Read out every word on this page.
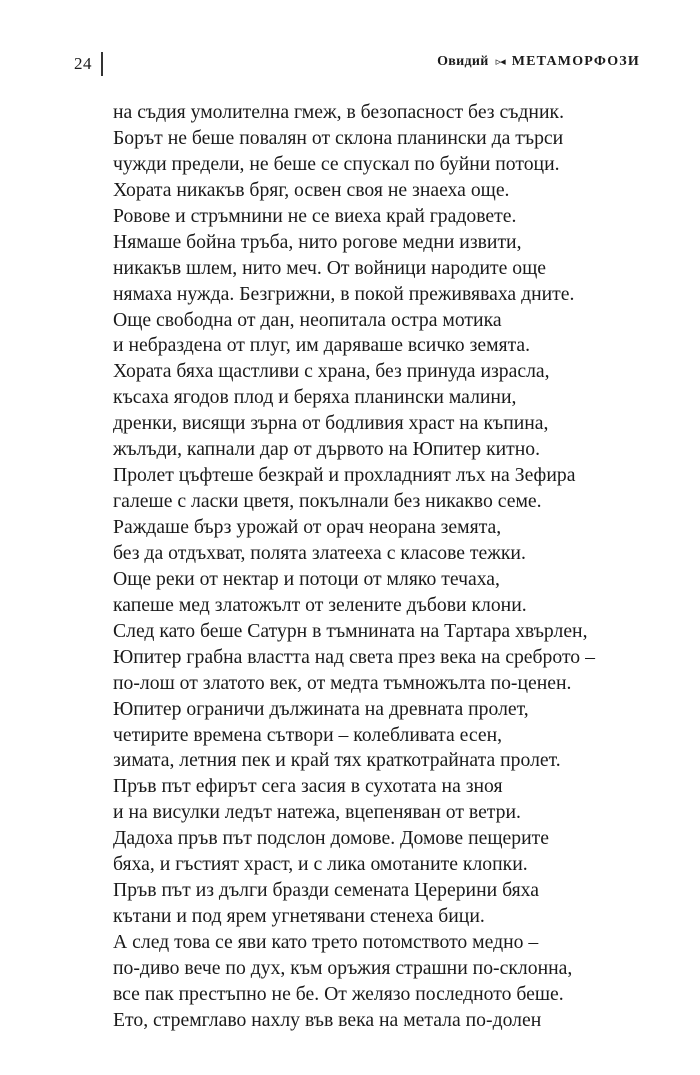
24	Овидий ▹◂ МЕТАМОРФОЗИ
на съдия умолителна гмеж, в безопасност без съдник.
Борът не беше повалян от склона планински да търси
чужди предели, не беше се спускал по буйни потоци.
Хората никакъв бряг, освен своя не знаеха още.
Ровове и стръмнини не се виеха край градовете.
Нямаше бойна тръба, нито рогове медни извити,
никакъв шлем, нито меч. От войници народите още
нямаха нужда. Безгрижни, в покой преживяваха дните.
Още свободна от дан, неопитала остра мотика
и небраздена от плуг, им даряваше всичко земята.
Хората бяха щастливи с храна, без принуда израсла,
късаха ягодов плод и беряха планински малини,
дренки, висящи зърна от бодливия храст на къпина,
жълъди, капнали дар от дървото на Юпитер китно.
Пролет цъфтеше безкрай и прохладният лъх на Зефира
галеше с ласки цветя, покълнали без никакво семе.
Раждаше бърз урожай от орач неорана земята,
без да отдъхват, полята златееха с класове тежки.
Още реки от нектар и потоци от мляко течаха,
капеше мед златожълт от зелените дъбови клони.
След като беше Сатурн в тъмнината на Тартара хвърлен,
Юпитер грабна властта над света през века на среброто –
по-лош от златото век, от медта тъмножълта по-ценен.
Юпитер ограничи дължината на древната пролет,
четирите времена сътвори – колебливата есен,
зимата, летния пек и край тях краткотрайната пролет.
Пръв път ефирът сега засия в сухотата на зноя
и на висулки ледът натежа, вцепеняван от ветри.
Дадоха пръв път подслон домове. Домове пещерите
бяха, и гъстият храст, и с лика омотаните клопки.
Пръв път из дълги бразди семената Церерини бяха
кътани и под ярем угнетявани стенеха бици.
А след това се яви като трето потомството медно –
по-диво вече по дух, към оръжия страшни по-склонна,
все пак престъпно не бе. От желязо последното беше.
Ето, стремглаво нахлу във века на метала по-долен
